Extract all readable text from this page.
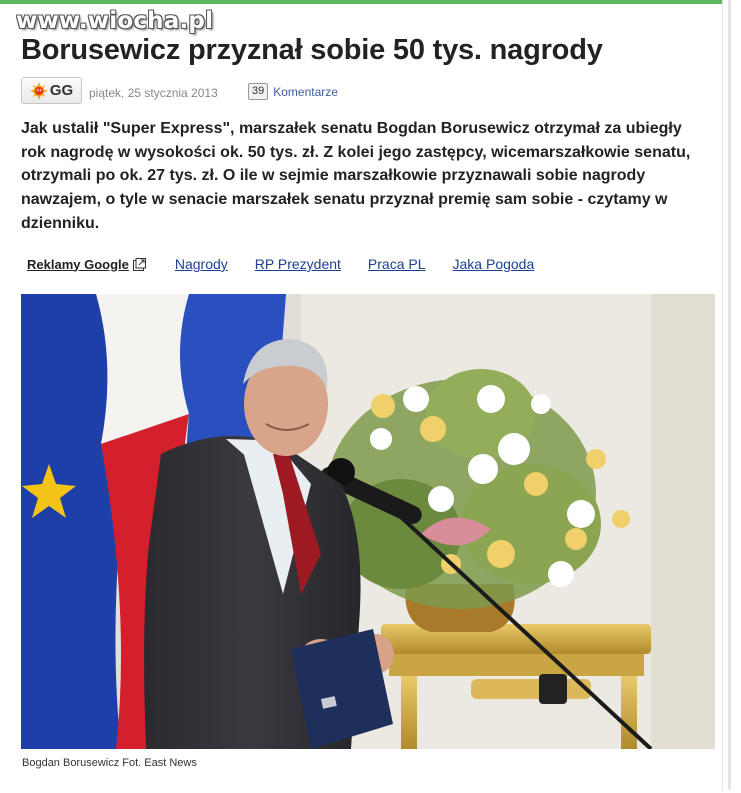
www.wiocha.pl
Borusewicz przyznał sobie 50 tys. nagrody
GG piątek, 25 stycznia 2013	39 Komentarze

Jak ustalił "Super Express", marszałek senatu Bogdan Borusewicz otrzymał za ubiegły rok nagrodę w wysokości ok. 50 tys. zł. Z kolei jego zastępcy, wicemarszałkowie senatu, otrzymali po ok. 27 tys. zł. O ile w sejmie marszałkowie przyznawali sobie nagrody nawzajem, o tyle w senacie marszałek senatu przyznał premię sam sobie - czytamy w dzienniku.

Reklamy Google	Nagrody RP Prezydent Praca PL Jaka Pogoda
Bogdan Borusewicz Fot. East News
